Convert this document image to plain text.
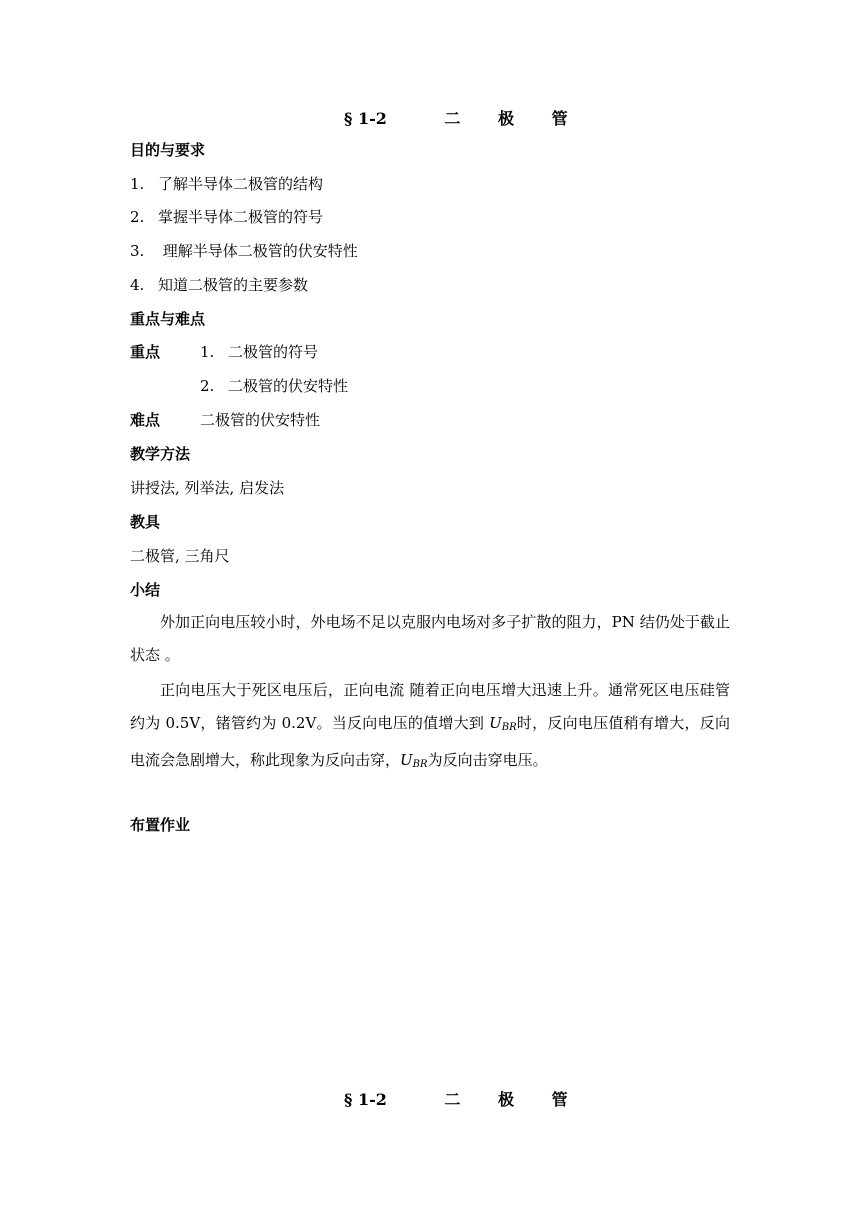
§ 1-2	二 极 管
目的与要求
1. 了解半导体二极管的结构
2. 掌握半导体二极管的符号
3. 理解半导体二极管的伏安特性
4. 知道二极管的主要参数
重点与难点
重点	1. 二极管的符号
2. 二极管的伏安特性
难点	二极管的伏安特性
教学方法
讲授法, 列举法, 启发法
教具
二极管, 三角尺
小结
外加正向电压较小时，外电场不足以克服内电场对多子扩散的阻力，PN 结仍处于截止状态 。
正向电压大于死区电压后，正向电流 随着正向电压增大迅速上升。通常死区电压硅管约为 0.5V，锗管约为 0.2V。当反向电压的值增大到 $U_{BR}$时，反向电压值稍有增大，反向电流会急剧增大，称此现象为反向击穿，$U_{BR}$为反向击穿电压。
布置作业
§ 1-2	二 极 管
